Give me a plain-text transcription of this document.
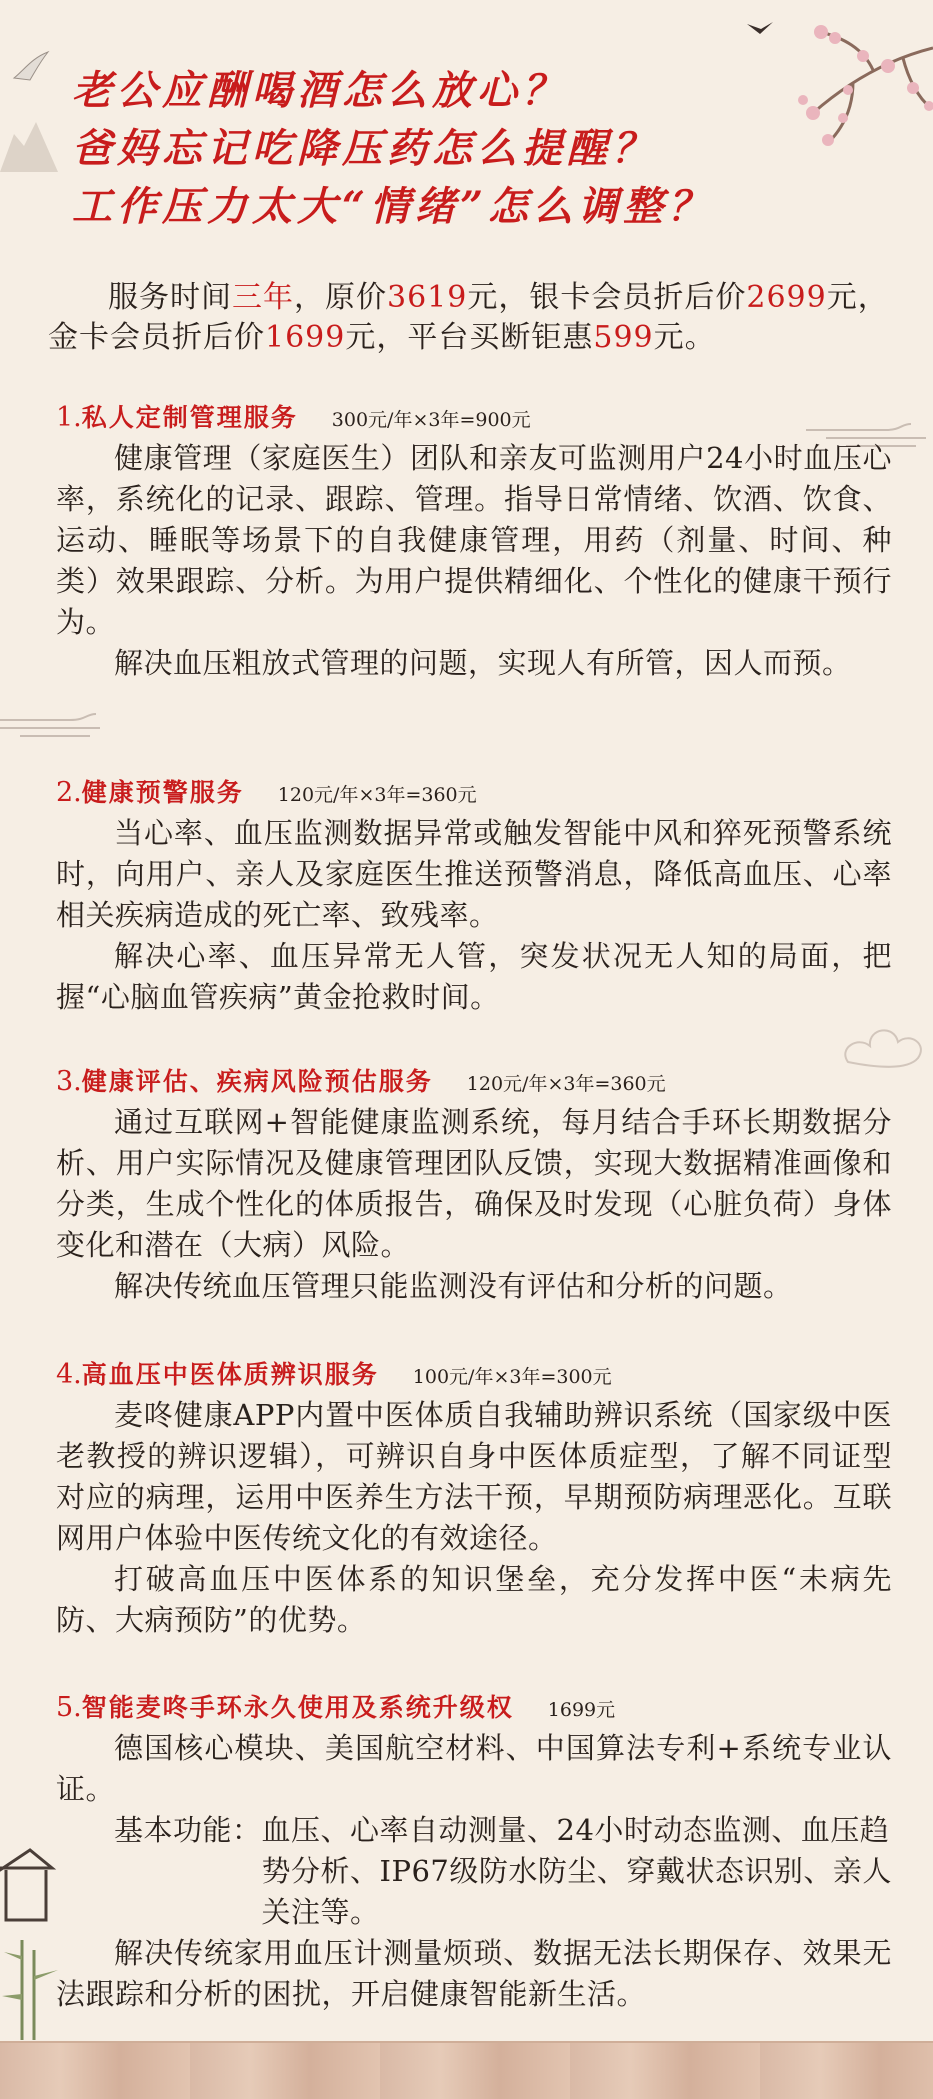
老公应酬喝酒怎么放心？
爸妈忘记吃降压药怎么提醒？
工作压力太大“情绪”怎么调整？

服务时间三年，原价3619元，银卡会员折后价2699元，金卡会员折后价1699元，平台买断钜惠599元。

1. 私人定制管理服务 300元/年×3年=900元

健康管理（家庭医生）团队和亲友可监测用户24小时血压心率，系统化的记录、跟踪、管理。指导日常情绪、饮酒、饮食、运动、睡眠等场景下的自我健康管理，用药（剂量、时间、种类）效果跟踪、分析。为用户提供精细化、个性化的健康干预行为。

解决血压粗放式管理的问题，实现人有所管，因人而预。

2. 健康预警服务 120元/年×3年=360元

当心率、血压监测数据异常或触发智能中风和猝死预警系统时，向用户、亲人及家庭医生推送预警消息，降低高血压、心率相关疾病造成的死亡率、致残率。

解决心率、血压异常无人管，突发状况无人知的局面，把握“心脑血管疾病”黄金抢救时间。

3. 健康评估、疾病风险预估服务 120元/年×3年=360元

通过互联网+智能健康监测系统，每月结合手环长期数据分析、用户实际情况及健康管理团队反馈，实现大数据精准画像和分类，生成个性化的体质报告，确保及时发现（心脏负荷）身体变化和潜在（大病）风险。

解决传统血压管理只能监测没有评估和分析的问题。

4. 高血压中医体质辨识服务 100元/年×3年=300元

麦咚健康APP内置中医体质自我辅助辨识系统（国家级中医老教授的辨识逻辑），可辨识自身中医体质症型，了解不同证型对应的病理，运用中医养生方法干预，早期预防病理恶化。互联网用户体验中医传统文化的有效途径。

打破高血压中医体系的知识堡垒，充分发挥中医“未病先防、大病预防”的优势。

5. 智能麦咚手环永久使用及系统升级权 1699元

德国核心模块、美国航空材料、中国算法专利+系统专业认证。

基本功能： 血压、心率自动测量、24小时动态监测、血压趋势分析、IP67级防水防尘、穿戴状态识别、亲人关注等。

解决传统家用血压计测量烦琐、数据无法长期保存、效果无法跟踪和分析的困扰，开启健康智能新生活。
